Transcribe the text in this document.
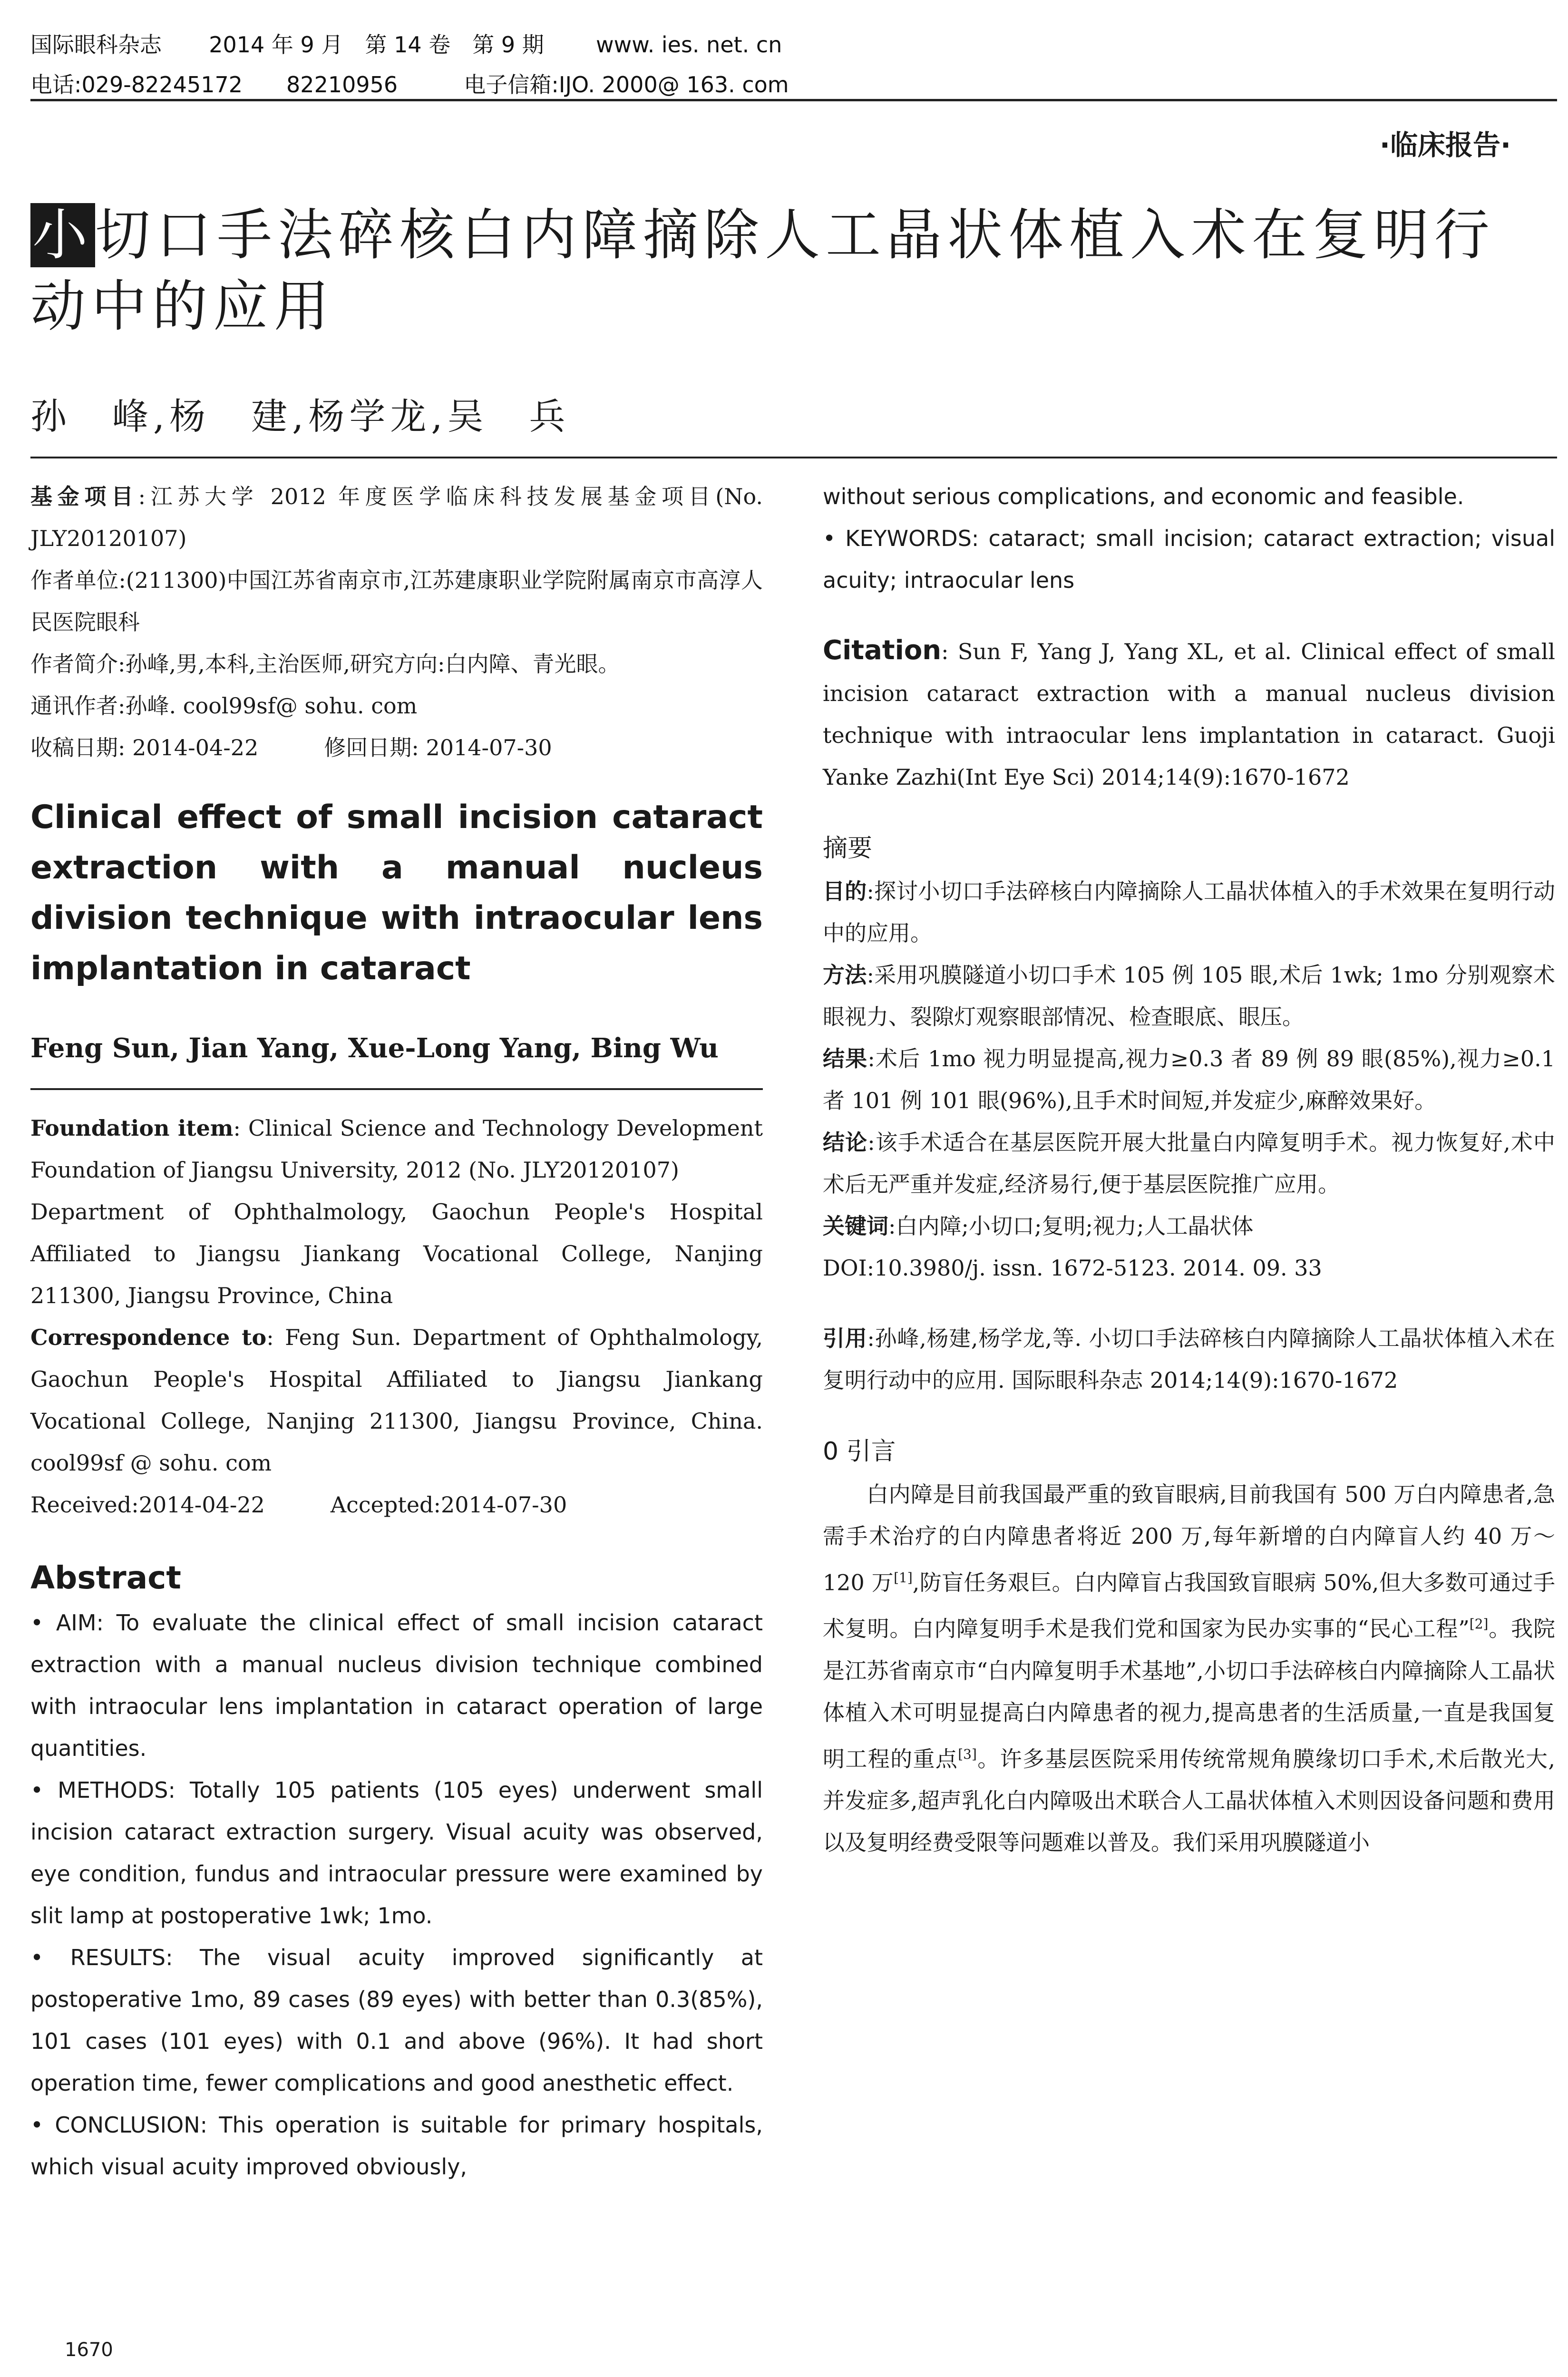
国际眼科杂志 2014 年 9 月　第 14 卷　第 9 期 www. ies. net. cn
电话:029-82245172　　82210956	电子信箱:IJO. 2000@ 163. com
·临床报告·
小切口手法碎核白内障摘除人工晶状体植入术在复明行动中的应用
孙　峰,杨　建,杨学龙,吴　兵

基金项目:江苏大学 2012 年度医学临床科技发展基金项目(No. JLY20120107)

作者单位:(211300)中国江苏省南京市,江苏建康职业学院附属南京市高淳人民医院眼科

作者简介:孙峰,男,本科,主治医师,研究方向:白内障、青光眼。

通讯作者:孙峰. cool99sf@ sohu. com

收稿日期: 2014-04-22　　　修回日期: 2014-07-30

Clinical effect of small incision cataract extraction with a manual nucleus division technique with intraocular lens implantation in cataract

Feng Sun, Jian Yang, Xue-Long Yang, Bing Wu

Foundation item: Clinical Science and Technology Development Foundation of Jiangsu University, 2012 (No. JLY20120107)

Department of Ophthalmology, Gaochun People's Hospital Affiliated to Jiangsu Jiankang Vocational College, Nanjing 211300, Jiangsu Province, China

Correspondence to: Feng Sun. Department of Ophthalmology, Gaochun People's Hospital Affiliated to Jiangsu Jiankang Vocational College, Nanjing 211300, Jiangsu Province, China. cool99sf @ sohu. com

Received:2014-04-22　　　Accepted:2014-07-30

Abstract

• AIM: To evaluate the clinical effect of small incision cataract extraction with a manual nucleus division technique combined with intraocular lens implantation in cataract operation of large quantities.

• METHODS: Totally 105 patients (105 eyes) underwent small incision cataract extraction surgery. Visual acuity was observed, eye condition, fundus and intraocular pressure were examined by slit lamp at postoperative 1wk; 1mo.

• RESULTS: The visual acuity improved significantly at postoperative 1mo, 89 cases (89 eyes) with better than 0.3(85%), 101 cases (101 eyes) with 0.1 and above (96%). It had short operation time, fewer complications and good anesthetic effect.

• CONCLUSION: This operation is suitable for primary hospitals, which visual acuity improved obviously,

without serious complications, and economic and feasible.

• KEYWORDS: cataract; small incision; cataract extraction; visual acuity; intraocular lens

Citation: Sun F, Yang J, Yang XL, et al. Clinical effect of small incision cataract extraction with a manual nucleus division technique with intraocular lens implantation in cataract. Guoji Yanke Zazhi(Int Eye Sci) 2014;14(9):1670-1672

摘要

目的:探讨小切口手法碎核白内障摘除人工晶状体植入的手术效果在复明行动中的应用。

方法:采用巩膜隧道小切口手术 105 例 105 眼,术后 1wk; 1mo 分别观察术眼视力、裂隙灯观察眼部情况、检查眼底、眼压。

结果:术后 1mo 视力明显提高,视力≥0.3 者 89 例 89 眼(85%),视力≥0.1 者 101 例 101 眼(96%),且手术时间短,并发症少,麻醉效果好。

结论:该手术适合在基层医院开展大批量白内障复明手术。视力恢复好,术中术后无严重并发症,经济易行,便于基层医院推广应用。

关键词:白内障;小切口;复明;视力;人工晶状体

DOI:10.3980/j. issn. 1672-5123. 2014. 09. 33

引用:孙峰,杨建,杨学龙,等. 小切口手法碎核白内障摘除人工晶状体植入术在复明行动中的应用. 国际眼科杂志 2014;14(9):1670-1672

0 引言

白内障是目前我国最严重的致盲眼病,目前我国有 500 万白内障患者,急需手术治疗的白内障患者将近 200 万,每年新增的白内障盲人约 40 万～120 万[1],防盲任务艰巨。白内障盲占我国致盲眼病 50%,但大多数可通过手术复明。白内障复明手术是我们党和国家为民办实事的“民心工程”[2]。我院是江苏省南京市“白内障复明手术基地”,小切口手法碎核白内障摘除人工晶状体植入术可明显提高白内障患者的视力,提高患者的生活质量,一直是我国复明工程的重点[3]。许多基层医院采用传统常规角膜缘切口手术,术后散光大,并发症多,超声乳化白内障吸出术联合人工晶状体植入术则因设备问题和费用以及复明经费受限等问题难以普及。我们采用巩膜隧道小

1670
